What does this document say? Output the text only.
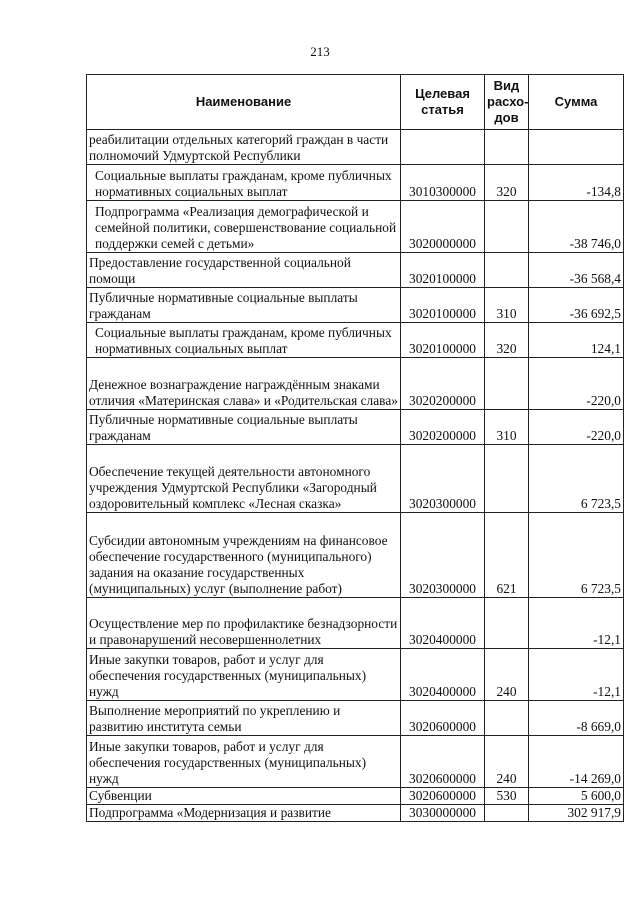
213
Наименование	Целевая статья	Вид расхо-дов	Сумма
реабилитации отдельных категорий граждан в части полномочий Удмуртской Республики			
Социальные выплаты гражданам, кроме публичных нормативных социальных выплат	3010300000	320	-134,8
Подпрограмма «Реализация демографической и семейной политики, совершенствование социальной поддержки семей с детьми»	3020000000		-38 746,0
Предоставление государственной социальной помощи	3020100000		-36 568,4
Публичные нормативные социальные выплаты гражданам	3020100000	310	-36 692,5
Социальные выплаты гражданам, кроме публичных нормативных социальных выплат	3020100000	320	124,1
Денежное вознаграждение награждённым знаками отличия «Материнская слава» и «Родительская слава»	3020200000		-220,0
Публичные нормативные социальные выплаты гражданам	3020200000	310	-220,0
Обеспечение текущей деятельности автономного учреждения Удмуртской Республики «Загородный оздоровительный комплекс «Лесная сказка»	3020300000		6 723,5
Субсидии автономным учреждениям на финансовое обеспечение государственного (муниципального) задания на оказание государственных (муниципальных) услуг (выполнение работ)	3020300000	621	6 723,5
Осуществление мер по профилактике безнадзорности и правонарушений несовершеннолетних	3020400000		-12,1
Иные закупки товаров, работ и услуг для обеспечения государственных (муниципальных) нужд	3020400000	240	-12,1
Выполнение мероприятий по укреплению и развитию института семьи	3020600000		-8 669,0
Иные закупки товаров, работ и услуг для обеспечения государственных (муниципальных) нужд	3020600000	240	-14 269,0
Субвенции	3020600000	530	5 600,0
Подпрограмма «Модернизация и развитие	3030000000		302 917,9
